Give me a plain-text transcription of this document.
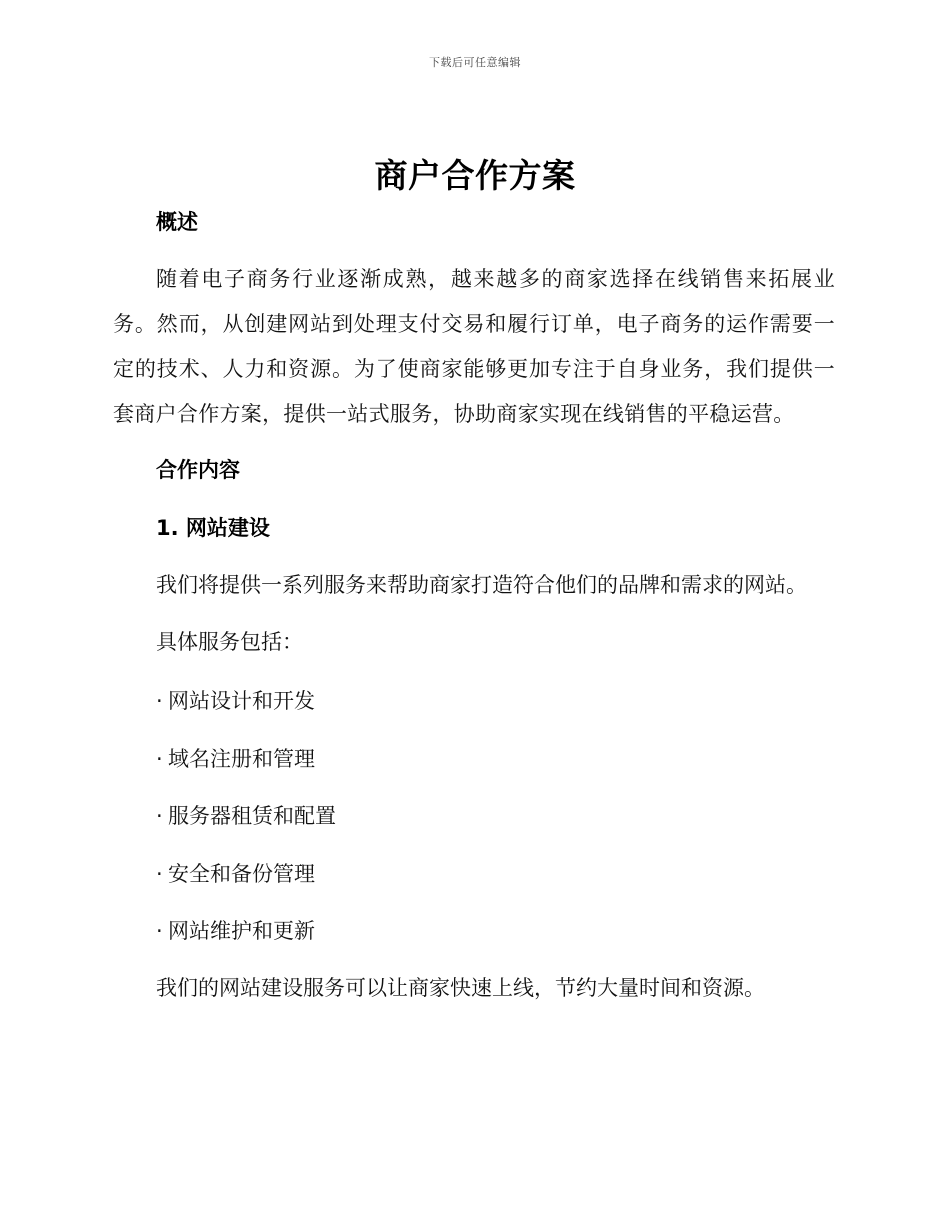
下载后可任意编辑
商户合作方案
概述

随着电子商务行业逐渐成熟，越来越多的商家选择在线销售来拓展业务。然而，从创建网站到处理支付交易和履行订单，电子商务的运作需要一定的技术、人力和资源。为了使商家能够更加专注于自身业务，我们提供一套商户合作方案，提供一站式服务，协助商家实现在线销售的平稳运营。

合作内容
1. 网站建设
我们将提供一系列服务来帮助商家打造符合他们的品牌和需求的网站。
具体服务包括：
· 网站设计和开发
· 域名注册和管理
· 服务器租赁和配置
· 安全和备份管理
· 网站维护和更新
我们的网站建设服务可以让商家快速上线，节约大量时间和资源。
